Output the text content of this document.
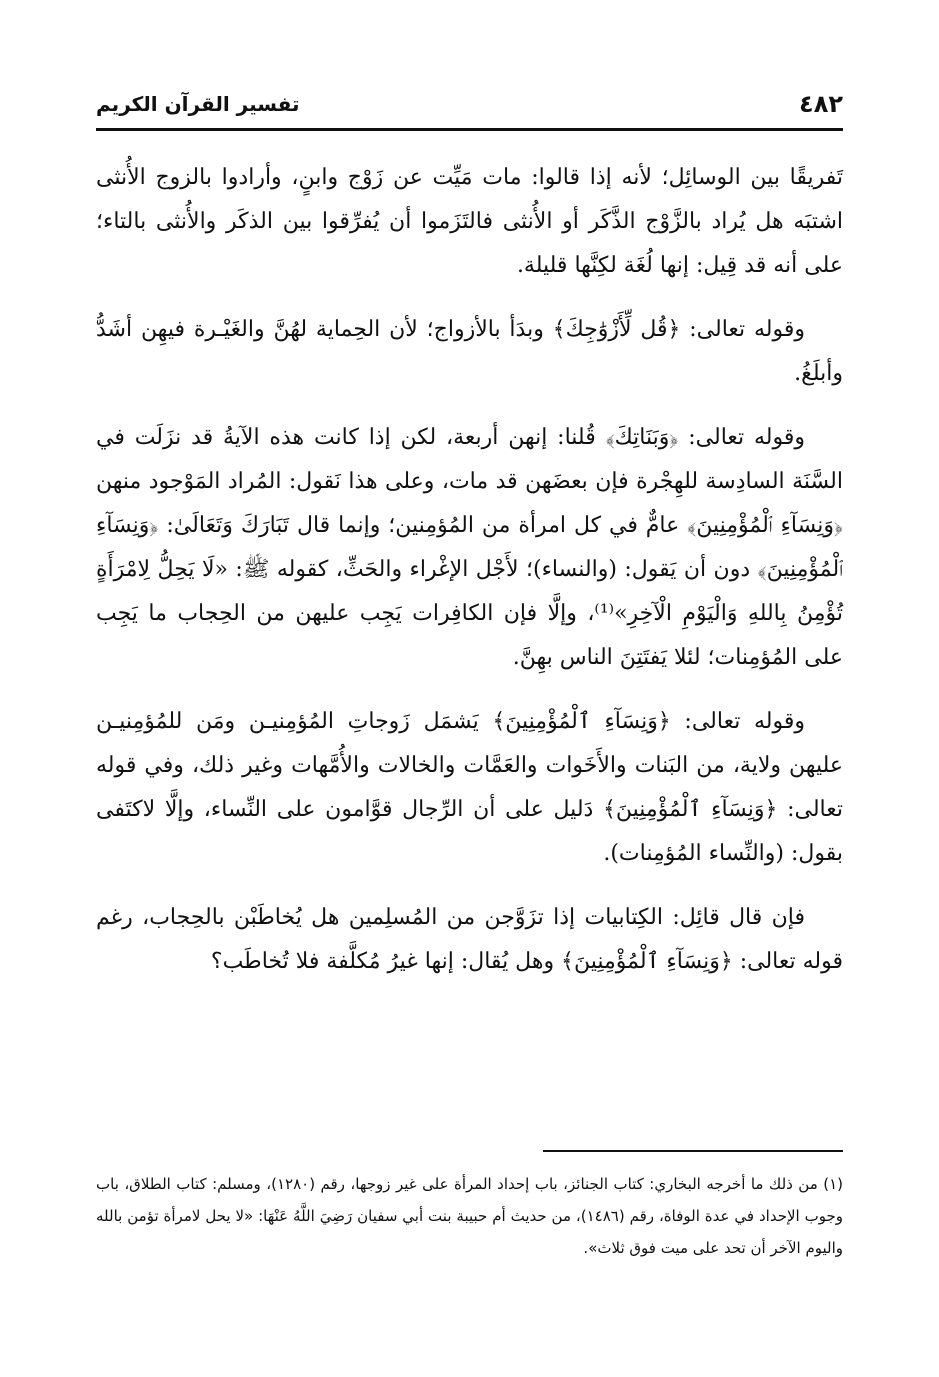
٤٨٢
تفسير القرآن الكريم

تَفريقًا بين الوسائِل؛ لأنه إذا قالوا: مات مَيِّت عن زَوْج وابنٍ، وأرادوا بالزوج الأُنثى اشتبَه هل يُراد بالزَّوْج الذَّكَر أو الأُنثى فالتَزَموا أن يُفرِّقوا بين الذكَر والأُنثى بالتاء؛ على أنه قد قِيل: إنها لُغَة لكِنَّها قليلة.

وقوله تعالى: ﴿قُل لِّأَزْوَٰجِكَ﴾ وبدَأ بالأزواج؛ لأن الحِماية لهُنَّ والغَيْـرة فيهِن أشَدُّ وأبلَغُ.

وقوله تعالى: ﴿وَبَنَاتِكَ﴾ قُلنا: إنهن أربعة، لكن إذا كانت هذه الآيةُ قد نزَلَت في السَّنَة السادِسة للهِجْرة فإن بعضَهن قد مات، وعلى هذا نَقول: المُراد المَوْجود منهن ﴿وَنِسَآءِ ٱلْمُؤْمِنِينَ﴾ عامٌّ في كل امرأة من المُؤمِنين؛ وإنما قال تَبَارَكَ وَتَعَالَىٰ: ﴿وَنِسَآءِ ٱلْمُؤْمِنِينَ﴾ دون أن يَقول: (والنساء)؛ لأَجْل الإغْراء والحَثِّ، كقوله ﷺ: «لَا يَحِلُّ لِامْرَأَةٍ تُؤْمِنُ بِاللهِ وَالْيَوْمِ الْآخِرِ»⁽¹⁾، وإلَّا فإن الكافِرات يَجِب عليهن من الحِجاب ما يَجِب على المُؤمِنات؛ لئلا يَفتَتِنَ الناس بهِنَّ.

وقوله تعالى: ﴿وَنِسَآءِ ٱلْمُؤْمِنِينَ﴾ يَشمَل زَوجاتِ المُؤمِنيـن ومَن للمُؤمِنيـن عليهن ولاية، من البَنات والأَخَوات والعَمَّات والخالات والأُمَّهات وغير ذلك، وفي قوله تعالى: ﴿وَنِسَآءِ ٱلْمُؤْمِنِينَ﴾ دَليل على أن الرِّجال قوَّامون على النِّساء، وإلَّا لاكتَفى بقول: (والنِّساء المُؤمِنات).

فإن قال قائِل: الكِتابيات إذا تزَوَّجن من المُسلِمين هل يُخاطَبْن بالحِجاب، رغم قوله تعالى: ﴿وَنِسَآءِ ٱلْمُؤْمِنِينَ﴾ وهل يُقال: إنها غيرُ مُكلَّفة فلا تُخاطَب؟

(١) من ذلك ما أخرجه البخاري: كتاب الجنائز، باب إحداد المرأة على غير زوجها، رقم (١٢٨٠)، ومسلم: كتاب الطلاق، باب وجوب الإحداد في عدة الوفاة، رقم (١٤٨٦)، من حديث أم حبيبة بنت أبي سفيان رَضِيَ اللَّهُ عَنْهَا: «لا يحل لامرأة تؤمن بالله واليوم الآخر أن تحد على ميت فوق ثلاث».
